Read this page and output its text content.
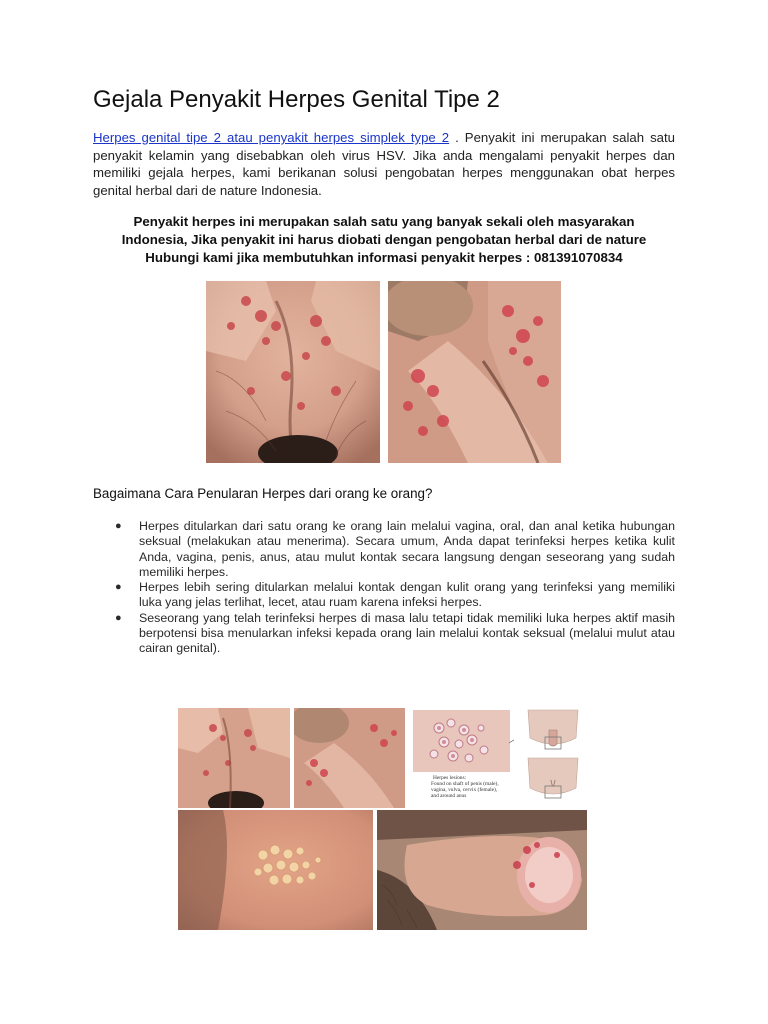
Gejala Penyakit Herpes Genital Tipe 2

Herpes genital tipe 2 atau penyakit herpes simplek type 2 . Penyakit ini merupakan salah satu penyakit kelamin yang disebabkan oleh virus HSV. Jika anda mengalami penyakit herpes dan memiliki gejala herpes, kami berikanan solusi pengobatan herpes menggunakan obat herpes genital herbal dari de nature Indonesia.

Penyakit herpes ini merupakan salah satu yang banyak sekali oleh masyarakan
Indonesia, Jika penyakit ini harus diobati dengan pengobatan herbal dari de nature
Hubungi kami jika membutuhkan informasi penyakit herpes : 081391070834
Bagaimana Cara Penularan Herpes dari orang ke orang?
● Herpes ditularkan dari satu orang ke orang lain melalui vagina, oral, dan anal ketika hubungan seksual (melakukan atau menerima). Secara umum, Anda dapat terinfeksi herpes ketika kulit Anda, vagina, penis, anus, atau mulut kontak secara langsung dengan seseorang yang sudah memiliki herpes.
● Herpes lebih sering ditularkan melalui kontak dengan kulit orang yang terinfeksi yang memiliki luka yang jelas terlihat, lecet, atau ruam karena infeksi herpes.
● Seseorang yang telah terinfeksi herpes di masa lalu tetapi tidak memiliki luka herpes aktif masih berpotensi bisa menularkan infeksi kepada orang lain melalui kontak seksual (melalui mulut atau cairan genital).
Herpes lesions:
Found on shaft of penis (male),
vagina, vulva, cervix (female),
and around anus
